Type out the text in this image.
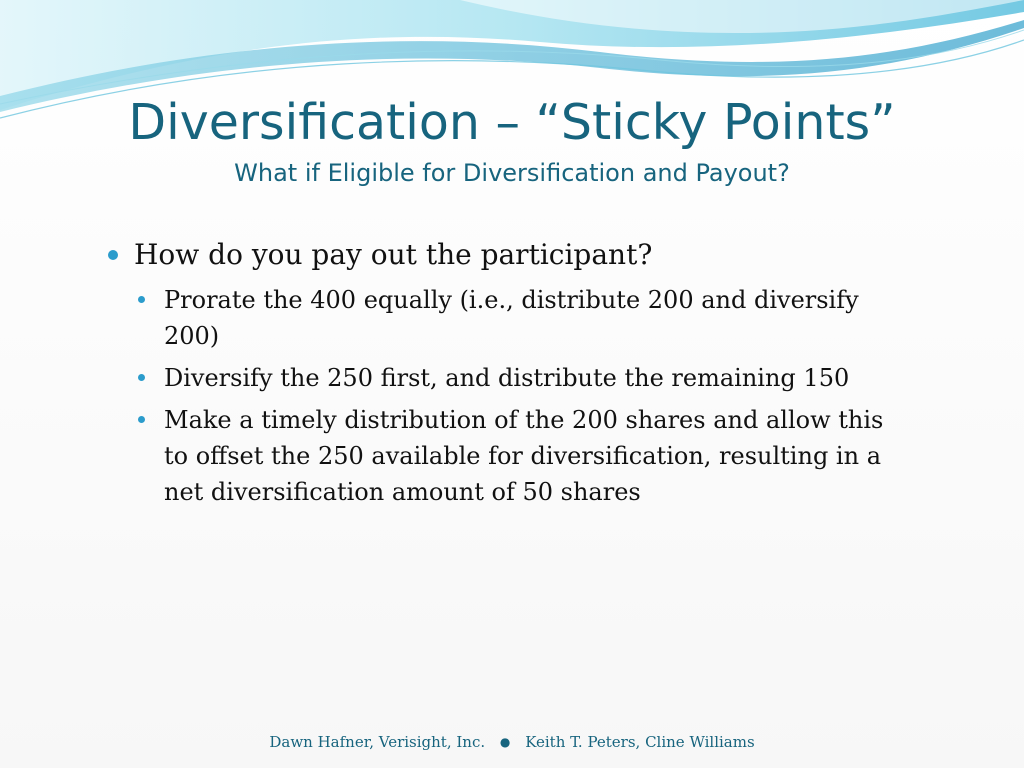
Diversification – “Sticky Points”
What if Eligible for Diversification and Payout?
How do you pay out the participant?
Prorate the 400 equally (i.e., distribute 200 and diversify 200)
Diversify the 250 first, and distribute the remaining 150
Make a timely distribution of the 200 shares and allow this to offset the 250 available for diversification, resulting in a net diversification amount of 50 shares
Dawn Hafner, Verisight, Inc. ● Keith T. Peters, Cline Williams
